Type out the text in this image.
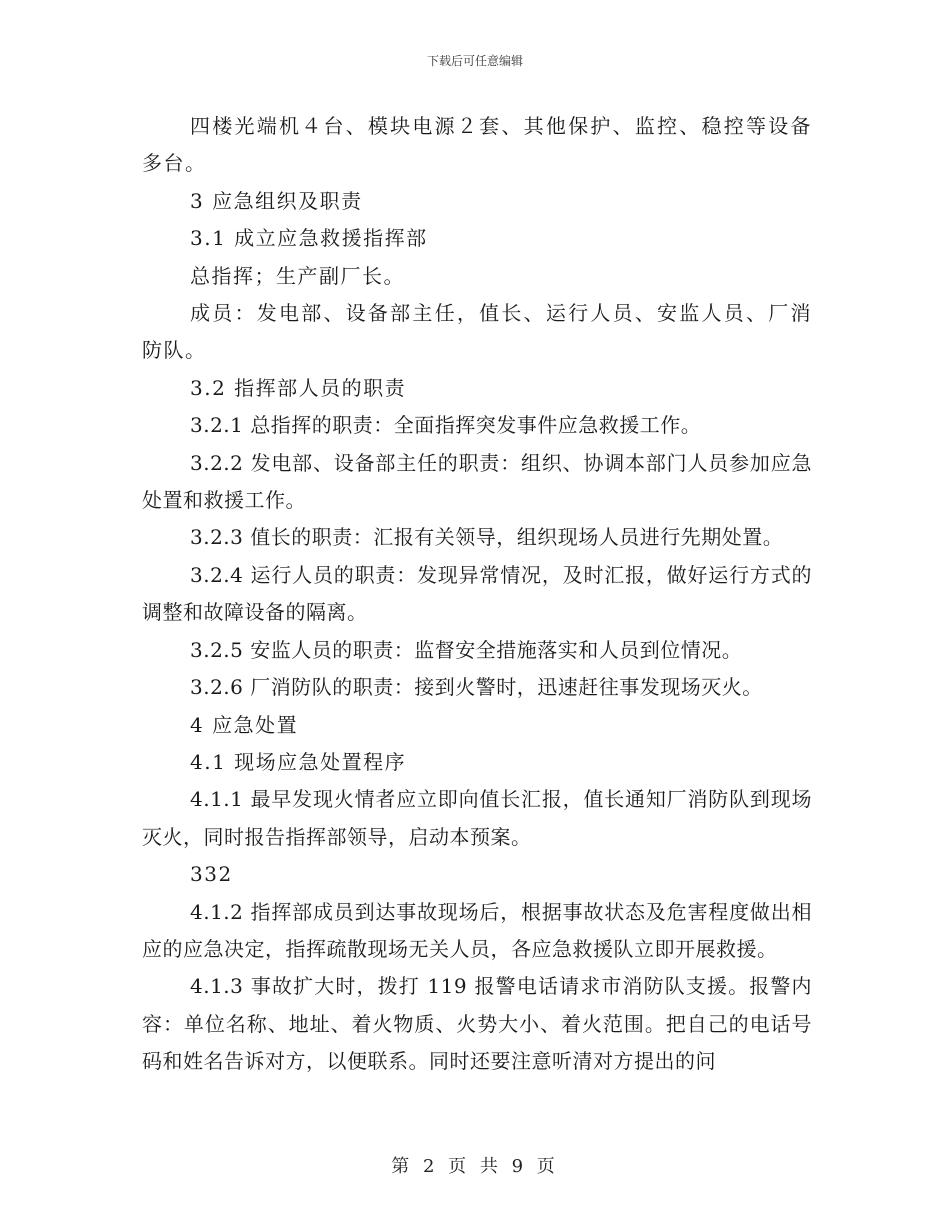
下载后可任意编辑

四楼光端机４台、模块电源２套、其他保护、监控、稳控等设备多台。

3 应急组织及职责

3.1 成立应急救援指挥部

总指挥；生产副厂长。

成员：发电部、设备部主任，值长、运行人员、安监人员、厂消防队。

3.2 指挥部人员的职责

3.2.1 总指挥的职责：全面指挥突发事件应急救援工作。

3.2.2 发电部、设备部主任的职责：组织、协调本部门人员参加应急处置和救援工作。

3.2.3 值长的职责：汇报有关领导，组织现场人员进行先期处置。

3.2.4 运行人员的职责：发现异常情况，及时汇报，做好运行方式的调整和故障设备的隔离。

3.2.5 安监人员的职责：监督安全措施落实和人员到位情况。

3.2.6 厂消防队的职责：接到火警时，迅速赶往事发现场灭火。

4 应急处置

4.1 现场应急处置程序

4.1.1 最早发现火情者应立即向值长汇报，值长通知厂消防队到现场灭火，同时报告指挥部领导，启动本预案。

332

4.1.2 指挥部成员到达事故现场后，根据事故状态及危害程度做出相应的应急决定，指挥疏散现场无关人员，各应急救援队立即开展救援。

4.1.3 事故扩大时，拨打 119 报警电话请求市消防队支援。报警内容：单位名称、地址、着火物质、火势大小、着火范围。把自己的电话号码和姓名告诉对方，以便联系。同时还要注意听清对方提出的问

第 2 页 共 9 页
